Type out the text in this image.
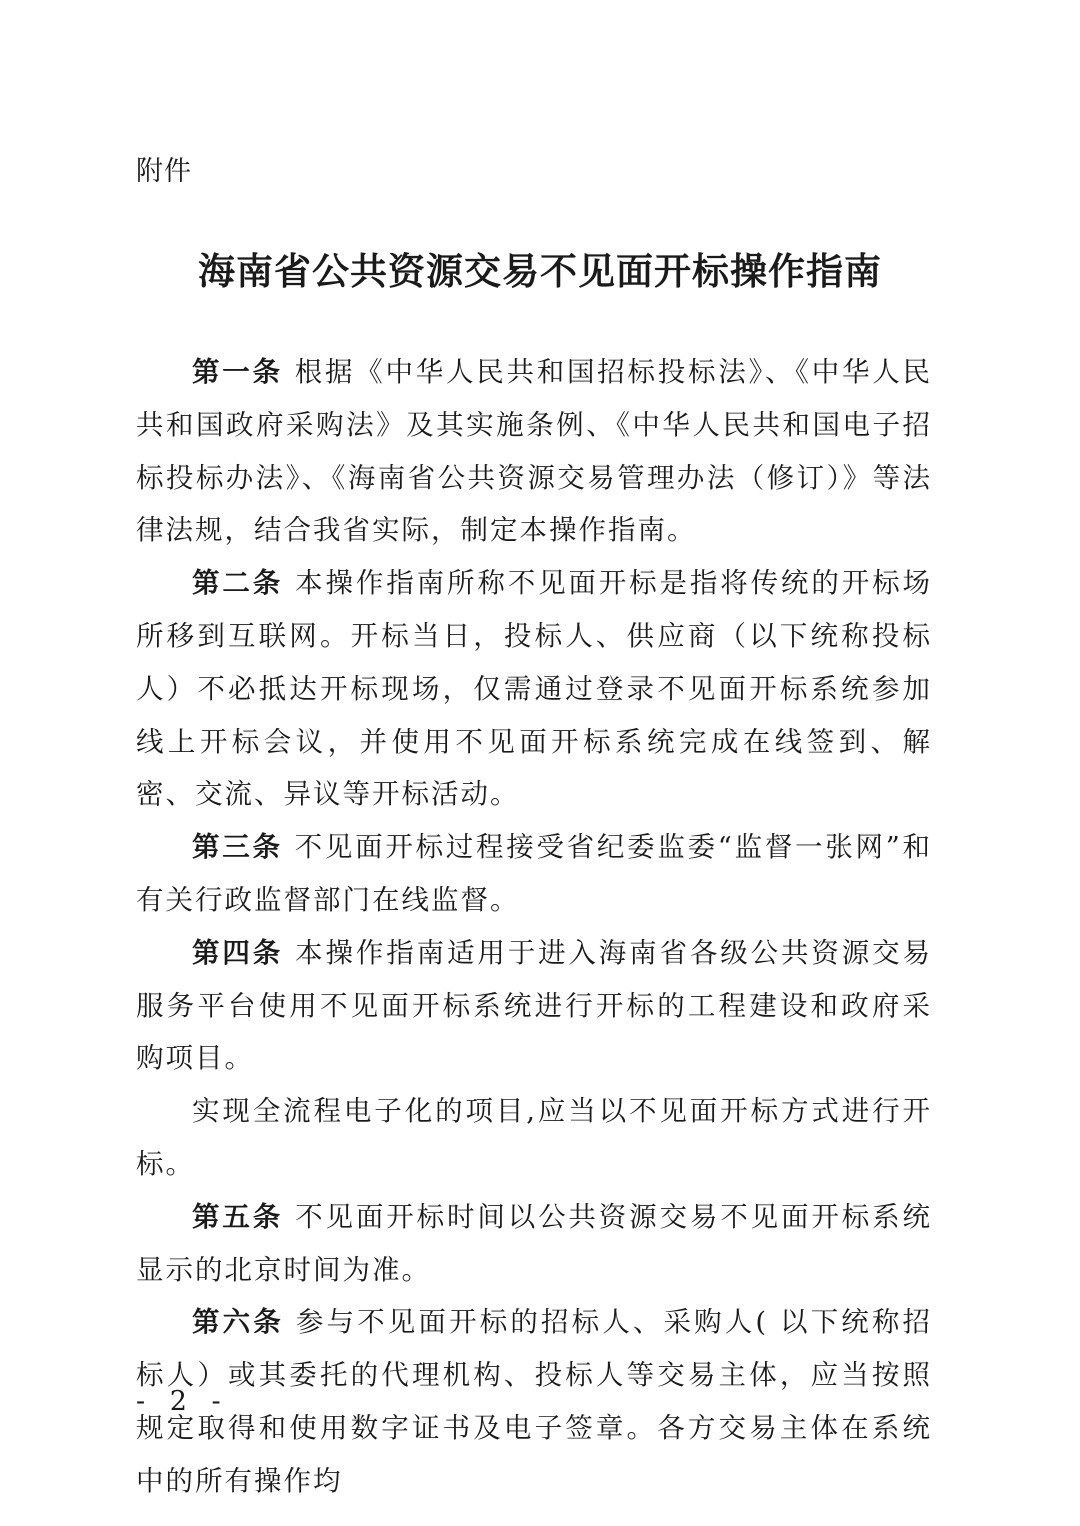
附件
海南省公共资源交易不见面开标操作指南

第一条 根据《中华人民共和国招标投标法》、《中华人民共和国政府采购法》及其实施条例、《中华人民共和国电子招标投标办法》、《海南省公共资源交易管理办法（修订）》等法律法规，结合我省实际，制定本操作指南。

第二条 本操作指南所称不见面开标是指将传统的开标场所移到互联网。开标当日，投标人、供应商（以下统称投标人）不必抵达开标现场，仅需通过登录不见面开标系统参加线上开标会议，并使用不见面开标系统完成在线签到、解密、交流、异议等开标活动。

第三条 不见面开标过程接受省纪委监委“监督一张网”和有关行政监督部门在线监督。

第四条 本操作指南适用于进入海南省各级公共资源交易服务平台使用不见面开标系统进行开标的工程建设和政府采购项目。

实现全流程电子化的项目,应当以不见面开标方式进行开标。

第五条 不见面开标时间以公共资源交易不见面开标系统显示的北京时间为准。

第六条 参与不见面开标的招标人、采购人( 以下统称招标人）或其委托的代理机构、投标人等交易主体，应当按照规定取得和使用数字证书及电子签章。各方交易主体在系统中的所有操作均

- 2 -
